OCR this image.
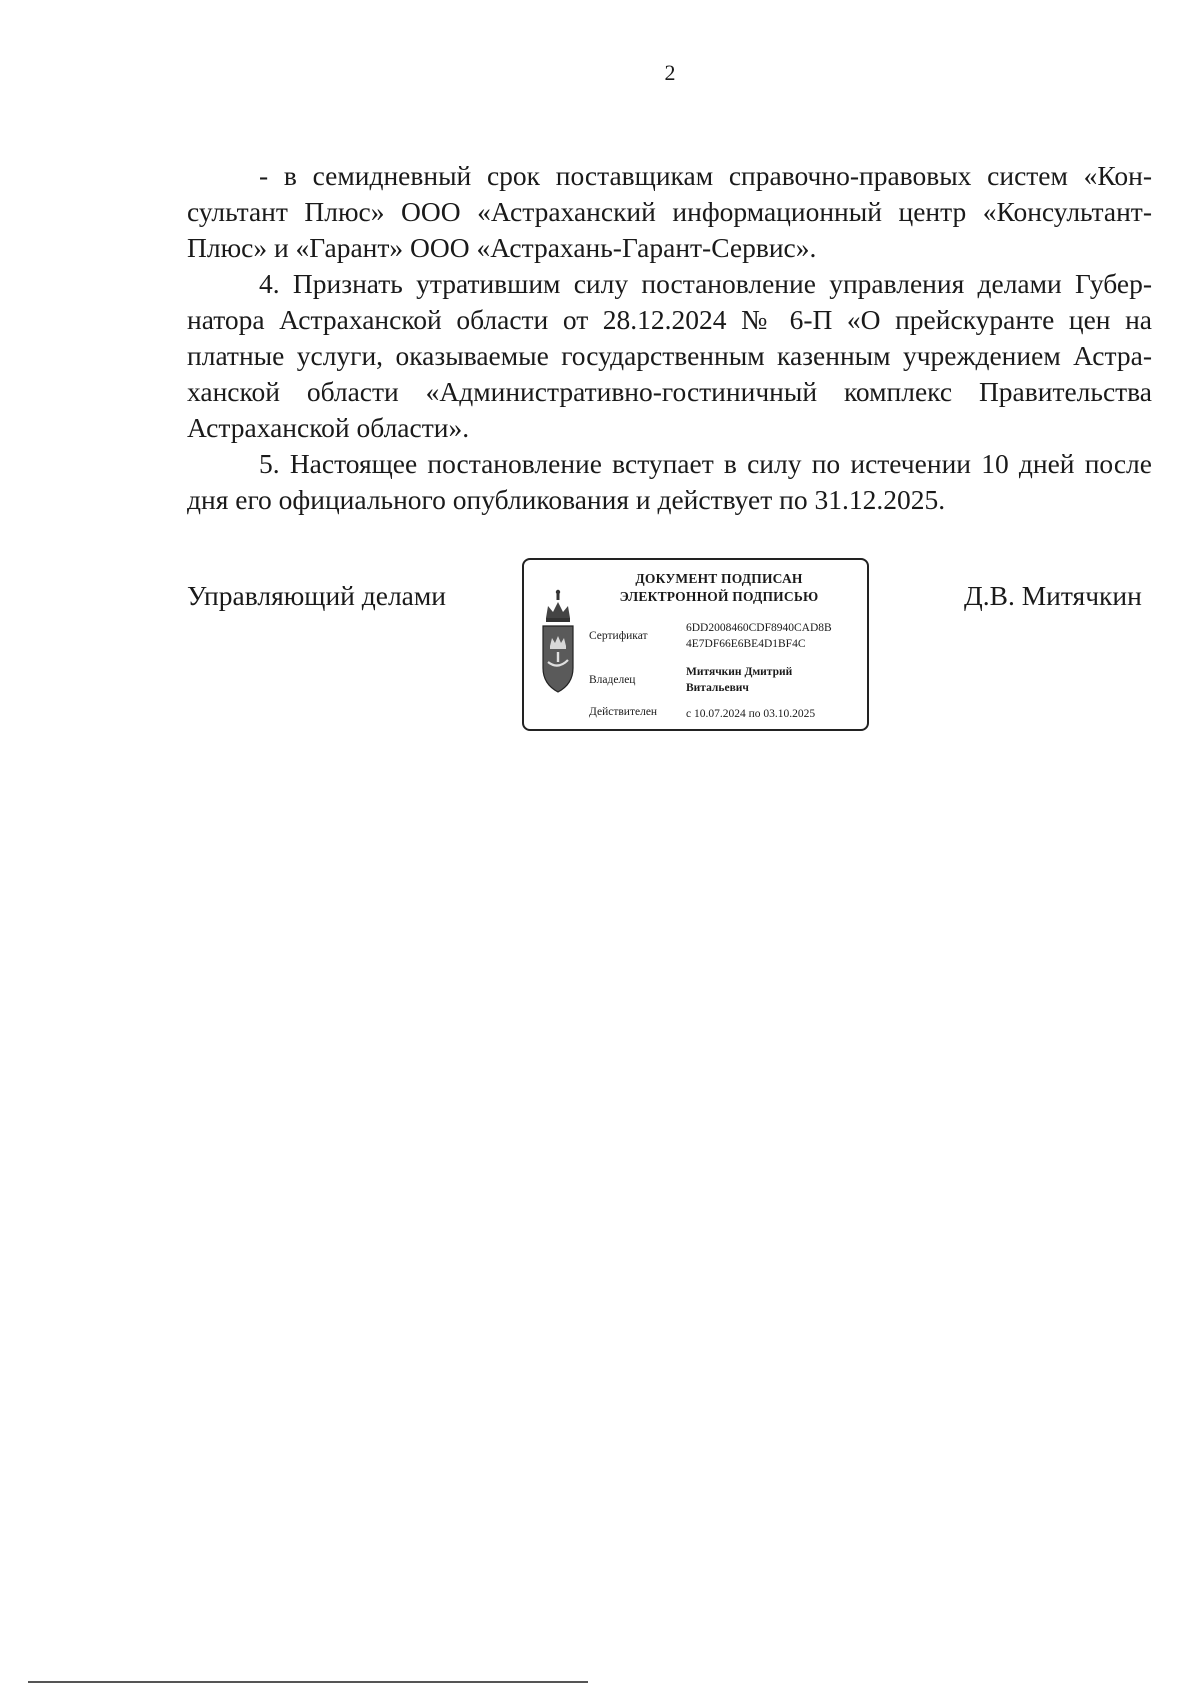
2

- в семидневный срок поставщикам справочно-правовых систем «Консультант Плюс» ООО «Астраханский информационный центр «КонсультантПлюс» и «Гарант» ООО «Астрахань-Гарант-Сервис».

4. Признать утратившим силу постановление управления делами Губернатора Астраханской области от 28.12.2024 № 6-П «О прейскуранте цен на платные услуги, оказываемые государственным казенным учреждением Астраханской области «Административно-гостиничный комплекс Правительства Астраханской области».

5. Настоящее постановление вступает в силу по истечении 10 дней после дня его официального опубликования и действует по 31.12.2025.

Управляющий делами
ДОКУМЕНТ ПОДПИСАН
ЭЛЕКТРОННОЙ ПОДПИСЬЮ
Сертификат
6DD2008460CDF8940CAD8B
4E7DF66E6BE4D1BF4C
Владелец
Митячкин Дмитрий
Витальевич
Действителен	с 10.07.2024 по 03.10.2025
Д.В. Митячкин
